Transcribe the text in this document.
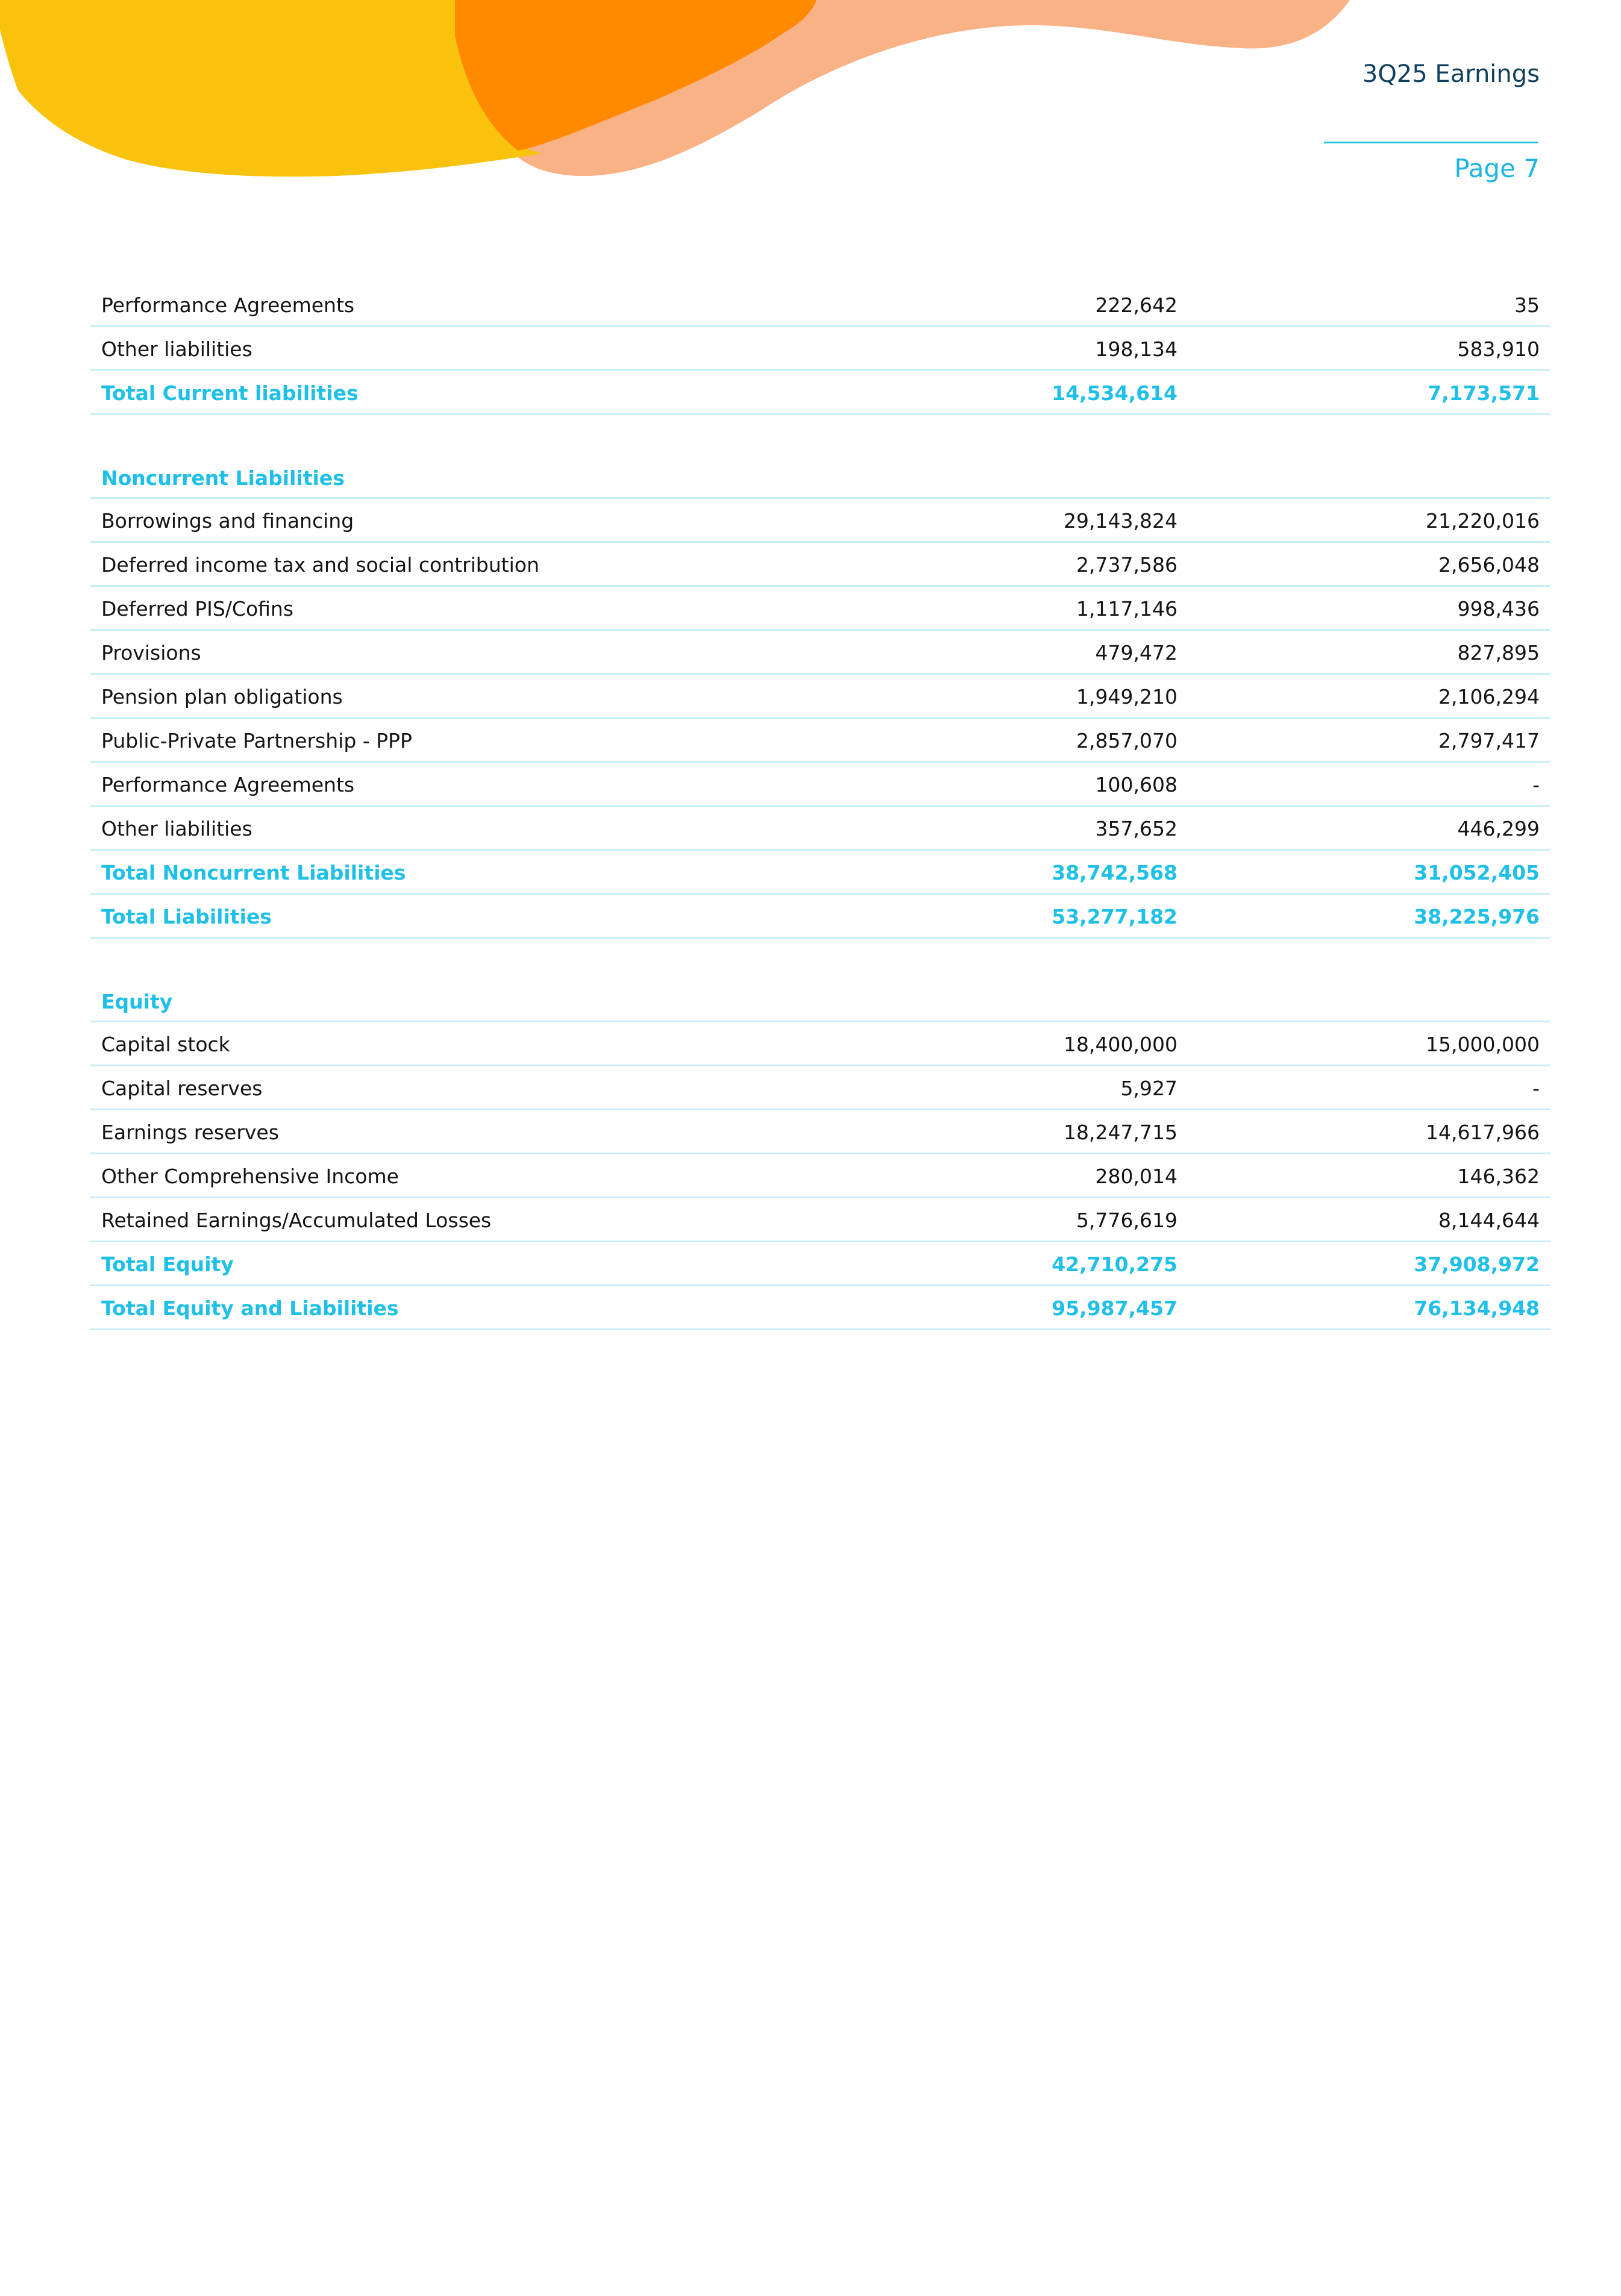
3Q25 Earnings
Page 7
Performance Agreements	222,642	35
Other liabilities	198,134	583,910
Total Current liabilities	14,534,614	7,173,571
Noncurrent Liabilities
Borrowings and financing	29,143,824	21,220,016
Deferred income tax and social contribution	2,737,586	2,656,048
Deferred PIS/Cofins	1,117,146	998,436
Provisions	479,472	827,895
Pension plan obligations	1,949,210	2,106,294
Public-Private Partnership - PPP	2,857,070	2,797,417
Performance Agreements	100,608	-
Other liabilities	357,652	446,299
Total Noncurrent Liabilities	38,742,568	31,052,405
Total Liabilities	53,277,182	38,225,976
Equity
Capital stock	18,400,000	15,000,000
Capital reserves	5,927	-
Earnings reserves	18,247,715	14,617,966
Other Comprehensive Income	280,014	146,362
Retained Earnings/Accumulated Losses	5,776,619	8,144,644
Total Equity	42,710,275	37,908,972
Total Equity and Liabilities	95,987,457	76,134,948
